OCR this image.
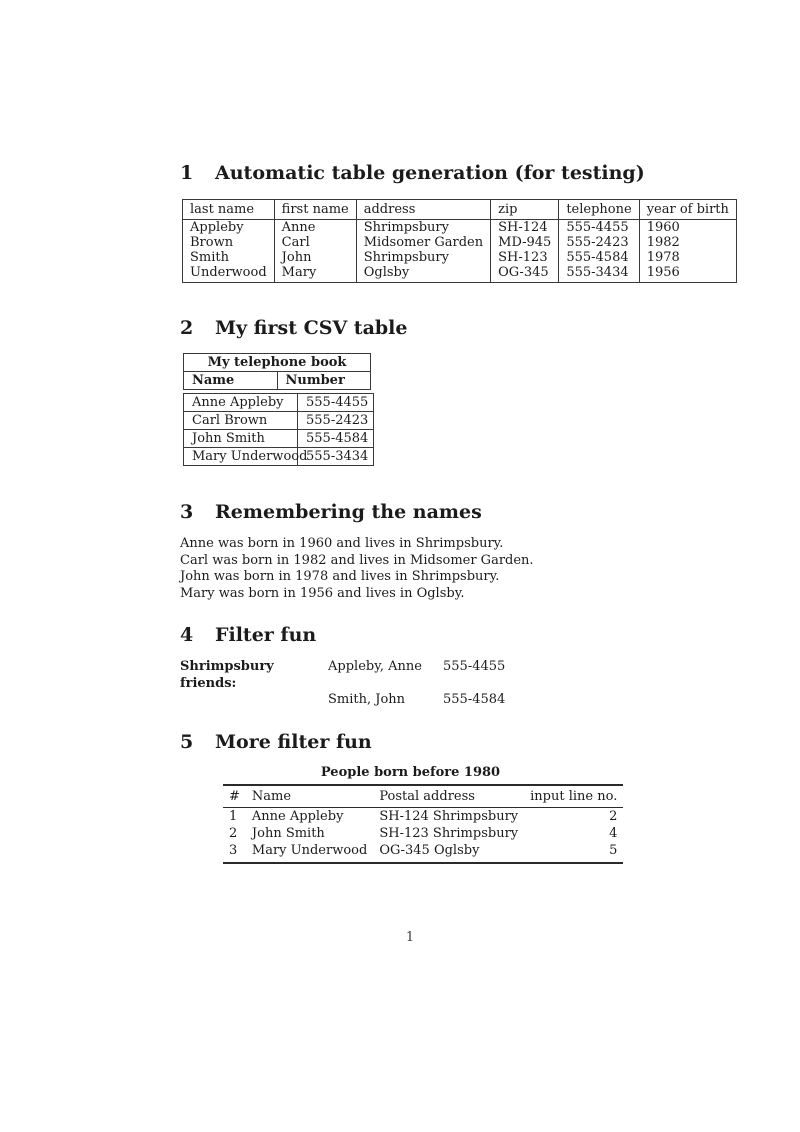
1	Automatic table generation (for testing)
last name	first name	address	zip	telephone	year of birth
Appleby	Anne	Shrimpsbury	SH-124	555-4455	1960
Brown	Carl	Midsomer Garden	MD-945	555-2423	1982
Smith	John	Shrimpsbury	SH-123	555-4584	1978
Underwood	Mary	Oglsby	OG-345	555-3434	1956
2	My first CSV table
My telephone book
Name	Number
Anne Appleby	555-4455
Carl Brown	555-2423
John Smith	555-4584
Mary Underwood	555-3434
3	Remembering the names
Anne was born in 1960 and lives in Shrimpsbury.
Carl was born in 1982 and lives in Midsomer Garden.
John was born in 1978 and lives in Shrimpsbury.
Mary was born in 1956 and lives in Oglsby.
4	Filter fun
Shrimpsbury friends:
Appleby, Anne	555-4455
Smith, John	555-4584
5	More filter fun
People born before 1980
#	Name	Postal address	input line no.
1	Anne Appleby	SH-124 Shrimpsbury	2
2	John Smith	SH-123 Shrimpsbury	4
3	Mary Underwood	OG-345 Oglsby	5
1
